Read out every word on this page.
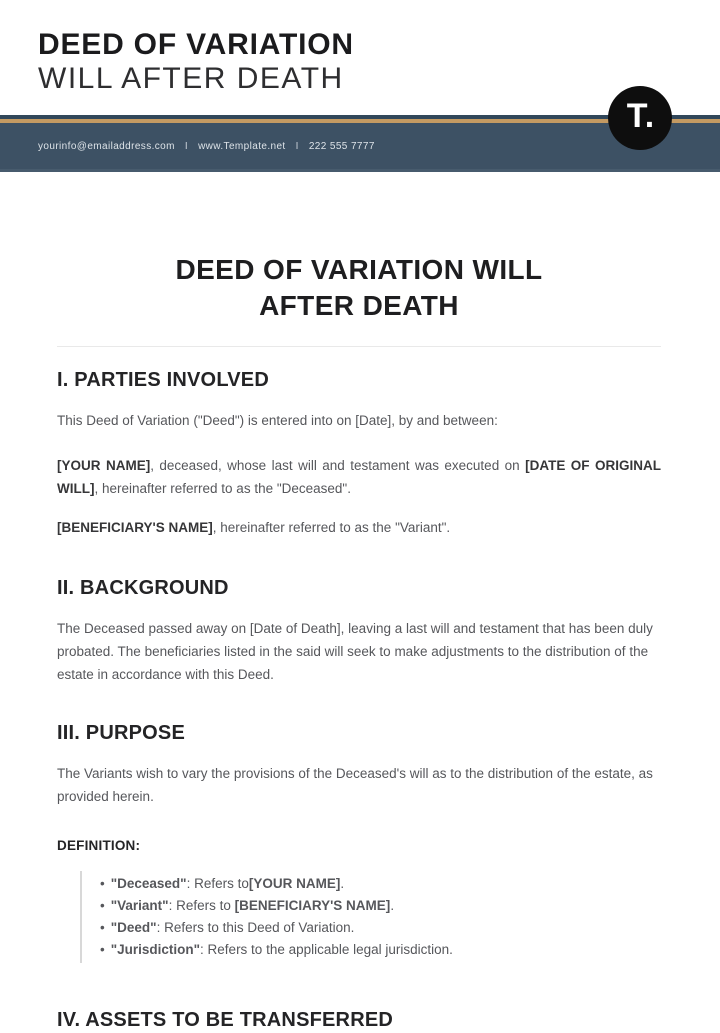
DEED OF VARIATION
WILL AFTER DEATH
yourinfo@emailaddress.com I www.Template.net I 222 555 7777
T.
DEED OF VARIATION WILL
AFTER DEATH
I. PARTIES INVOLVED

This Deed of Variation ("Deed") is entered into on [Date], by and between:

[YOUR NAME], deceased, whose last will and testament was executed on [DATE OF ORIGINAL WILL], hereinafter referred to as the "Deceased".

[BENEFICIARY'S NAME], hereinafter referred to as the "Variant".

II. BACKGROUND

The Deceased passed away on [Date of Death], leaving a last will and testament that has been duly probated. The beneficiaries listed in the said will seek to make adjustments to the distribution of the estate in accordance with this Deed.

III. PURPOSE

The Variants wish to vary the provisions of the Deceased's will as to the distribution of the estate, as provided herein.

DEFINITION:
• "Deceased": Refers to[YOUR NAME].
• "Variant": Refers to [BENEFICIARY'S NAME].
• "Deed": Refers to this Deed of Variation.
• "Jurisdiction": Refers to the applicable legal jurisdiction.
IV. ASSETS TO BE TRANSFERRED
